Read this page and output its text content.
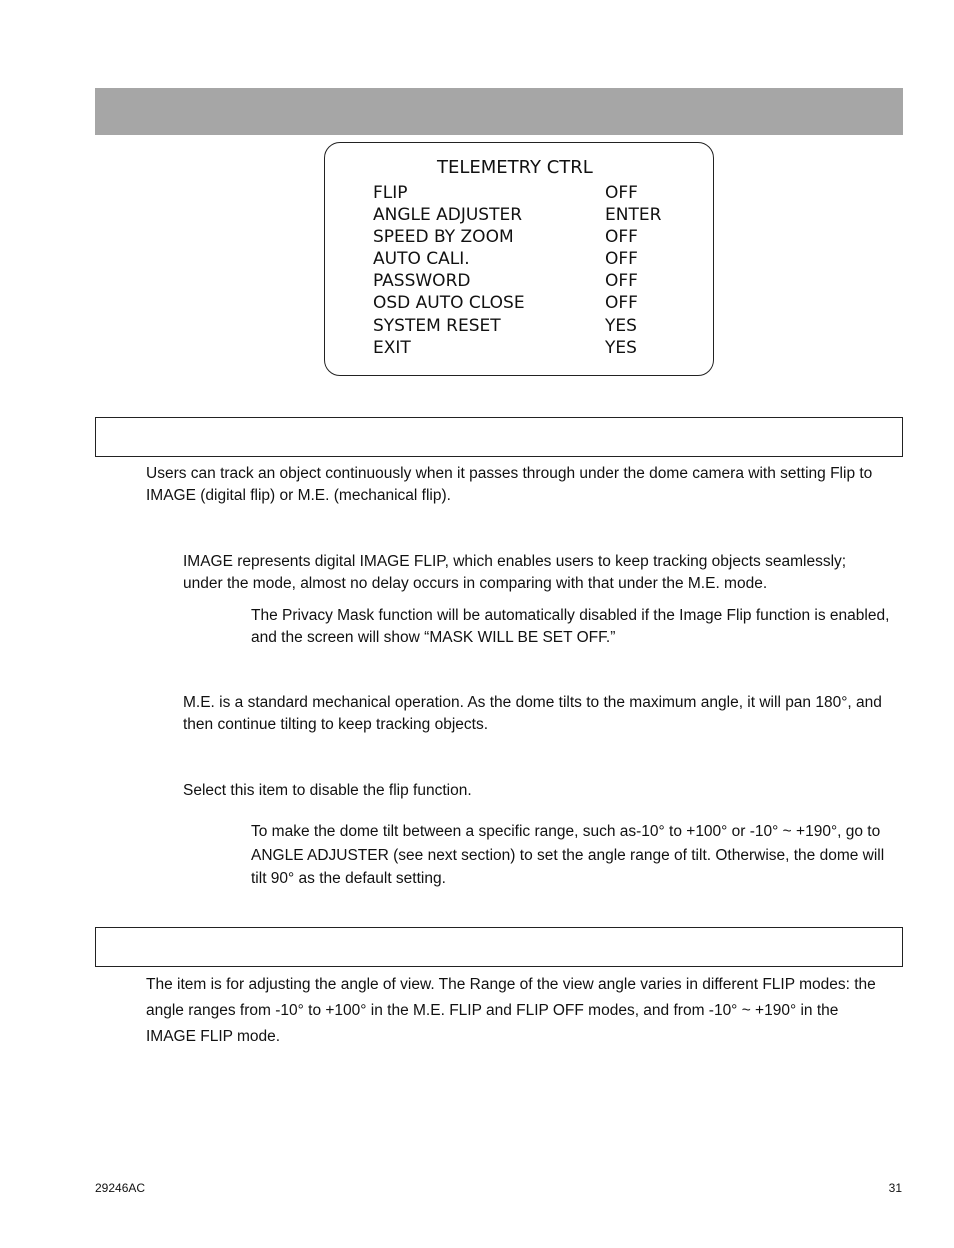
TELEMETRY CTRL
FLIP	OFF
ANGLE ADJUSTER	ENTER
SPEED BY ZOOM	OFF
AUTO CALI.	OFF
PASSWORD	OFF
OSD AUTO CLOSE	OFF
SYSTEM RESET	YES
EXIT	YES
Users can track an object continuously when it passes through under the dome camera with setting Flip to IMAGE (digital flip) or M.E. (mechanical flip).
IMAGE represents digital IMAGE FLIP, which enables users to keep tracking objects seamlessly; under the mode, almost no delay occurs in comparing with that under the M.E. mode.
The Privacy Mask function will be automatically disabled if the Image Flip function is enabled, and the screen will show “MASK WILL BE SET OFF.”
M.E. is a standard mechanical operation. As the dome tilts to the maximum angle, it will pan 180°, and then continue tilting to keep tracking objects.
Select this item to disable the flip function.
To make the dome tilt between a specific range, such as-10° to +100° or -10° ~ +190°, go to ANGLE ADJUSTER (see next section) to set the angle range of tilt. Otherwise, the dome will tilt 90° as the default setting.
The item is for adjusting the angle of view. The Range of the view angle varies in different FLIP modes: the angle ranges from -10° to +100° in the M.E. FLIP and FLIP OFF modes, and from -10° ~ +190° in the IMAGE FLIP mode.
29246AC	31
